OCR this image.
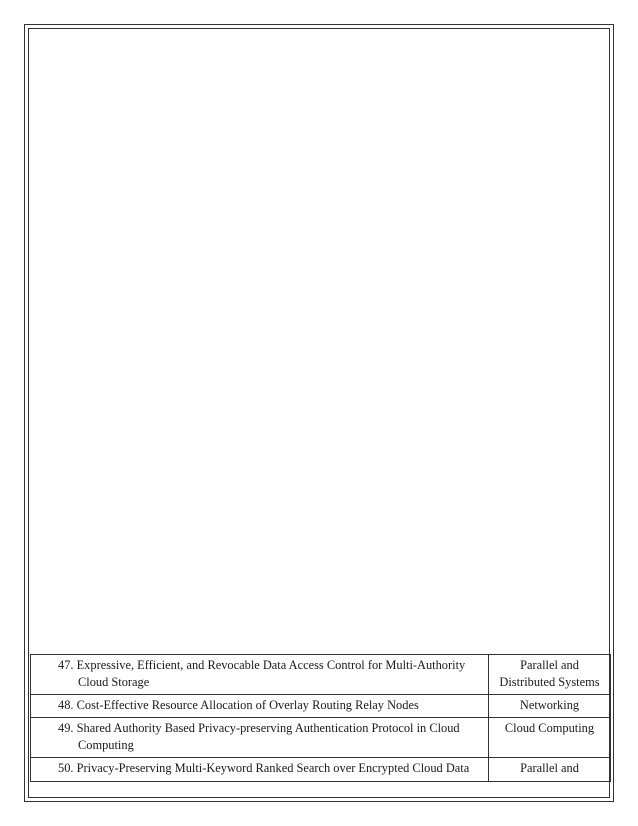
47. Expressive, Efficient, and Revocable Data Access Control for Multi-Authority Cloud Storage	Parallel and Distributed Systems

48. Cost-Effective Resource Allocation of Overlay Routing Relay Nodes	Networking

49. Shared Authority Based Privacy-preserving Authentication Protocol in Cloud Computing	Cloud Computing

50. Privacy-Preserving Multi-Keyword Ranked Search over Encrypted Cloud Data	Parallel and
